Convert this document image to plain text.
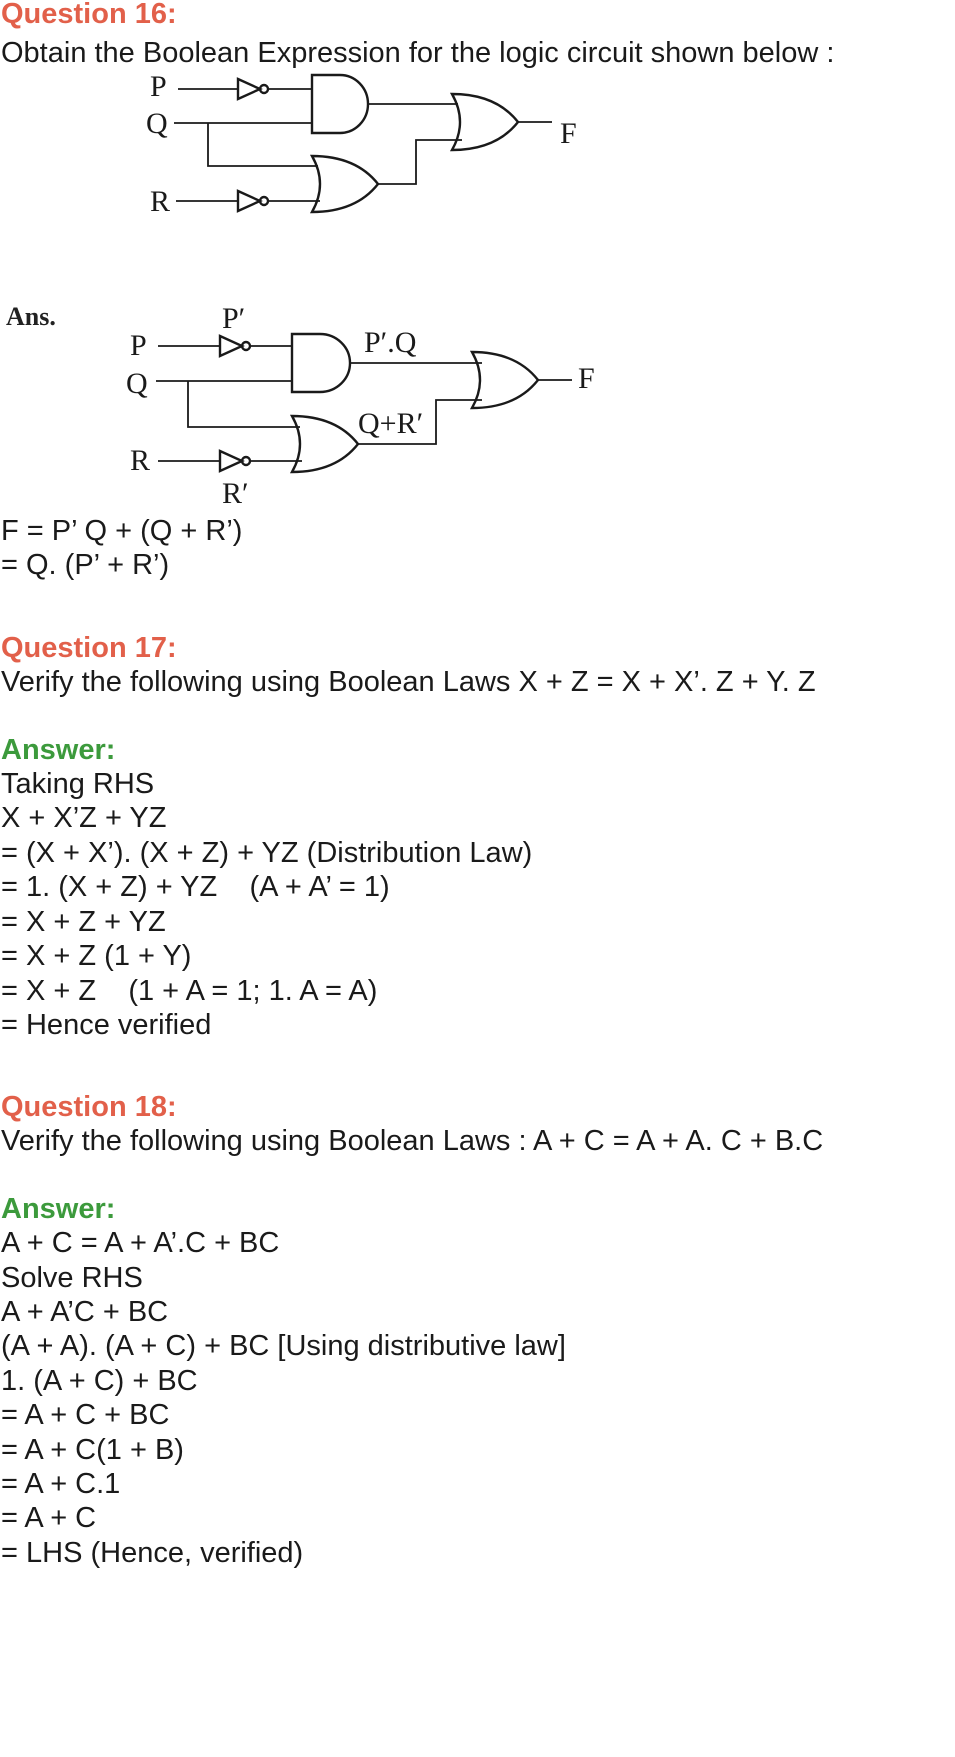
Question 16:
Obtain the Boolean Expression for the logic circuit shown below :
P
Q
R
F
Ans.	P′
P
Q
R
R′
P′.Q
Q+R′
F
F = P’ Q + (Q + R’)
= Q. (P’ + R’)
Question 17:
Verify the following using Boolean Laws X + Z = X + X’. Z + Y. Z
Answer:
Taking RHS
X + X’Z + YZ
= (X + X’). (X + Z) + YZ (Distribution Law)
= 1. (X + Z) + YZ    (A + A’ = 1)
= X + Z + YZ
= X + Z (1 + Y)
= X + Z    (1 + A = 1; 1. A = A)
= Hence verified
Question 18:
Verify the following using Boolean Laws : A + C = A + A. C + B.C
Answer:
A + C = A + A’.C + BC
Solve RHS
A + A’C + BC
(A + A). (A + C) + BC [Using distributive law]
1. (A + C) + BC
= A + C + BC
= A + C(1 + B)
= A + C.1
= A + C
= LHS (Hence, verified)
